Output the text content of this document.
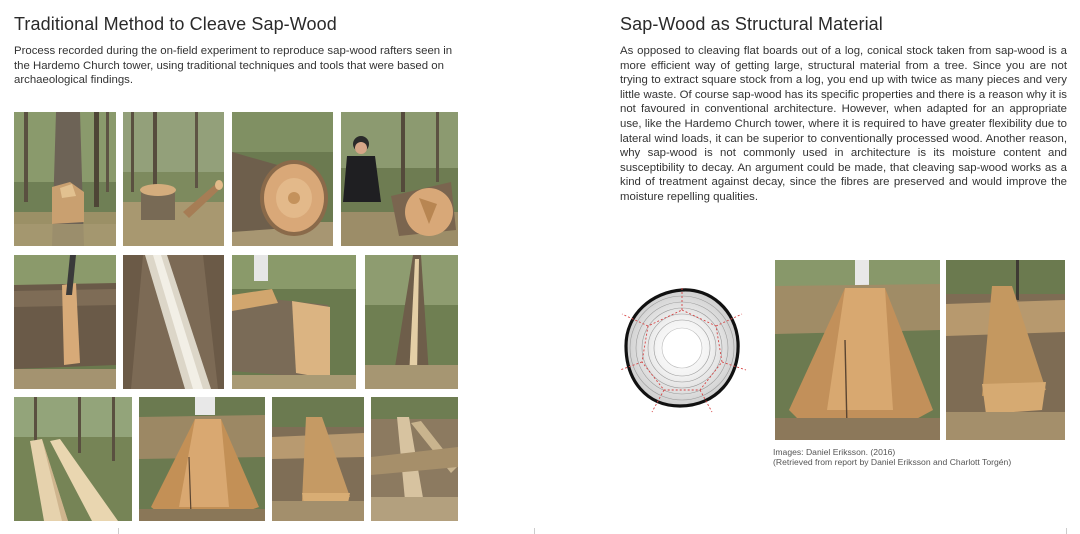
Traditional Method to Cleave Sap-Wood

Process recorded during the on-field experiment to reproduce sap-wood rafters seen in the Hardemo Church tower, using traditional techniques and tools that were based on archaeological findings.

Sap-Wood as Structural Material

As opposed to cleaving flat boards out of a log, conical stock taken from sap-wood is a more efficient way of getting large, structural material from a tree. Since you are not trying to extract square stock from a log, you end up with twice as many pieces and very little waste. Of course sap-wood has its specific properties and there is a reason why it is not favoured in conventional architecture. However, when adapted for an appropriate use, like the Hardemo Church tower, where it is required to have greater flexibility due to lateral wind loads, it can be superior to conventionally processed wood. Another reason, why sap-wood is not commonly used in architecture is its moisture content and susceptibility to decay. An argument could be made, that cleaving sap-wood works as a kind of treatment against decay, since the fibres are preserved and would improve the moisture repelling qualities.

Images: Daniel Eriksson. (2016)
(Retrieved from report by Daniel Eriksson and Charlott Torgén)
